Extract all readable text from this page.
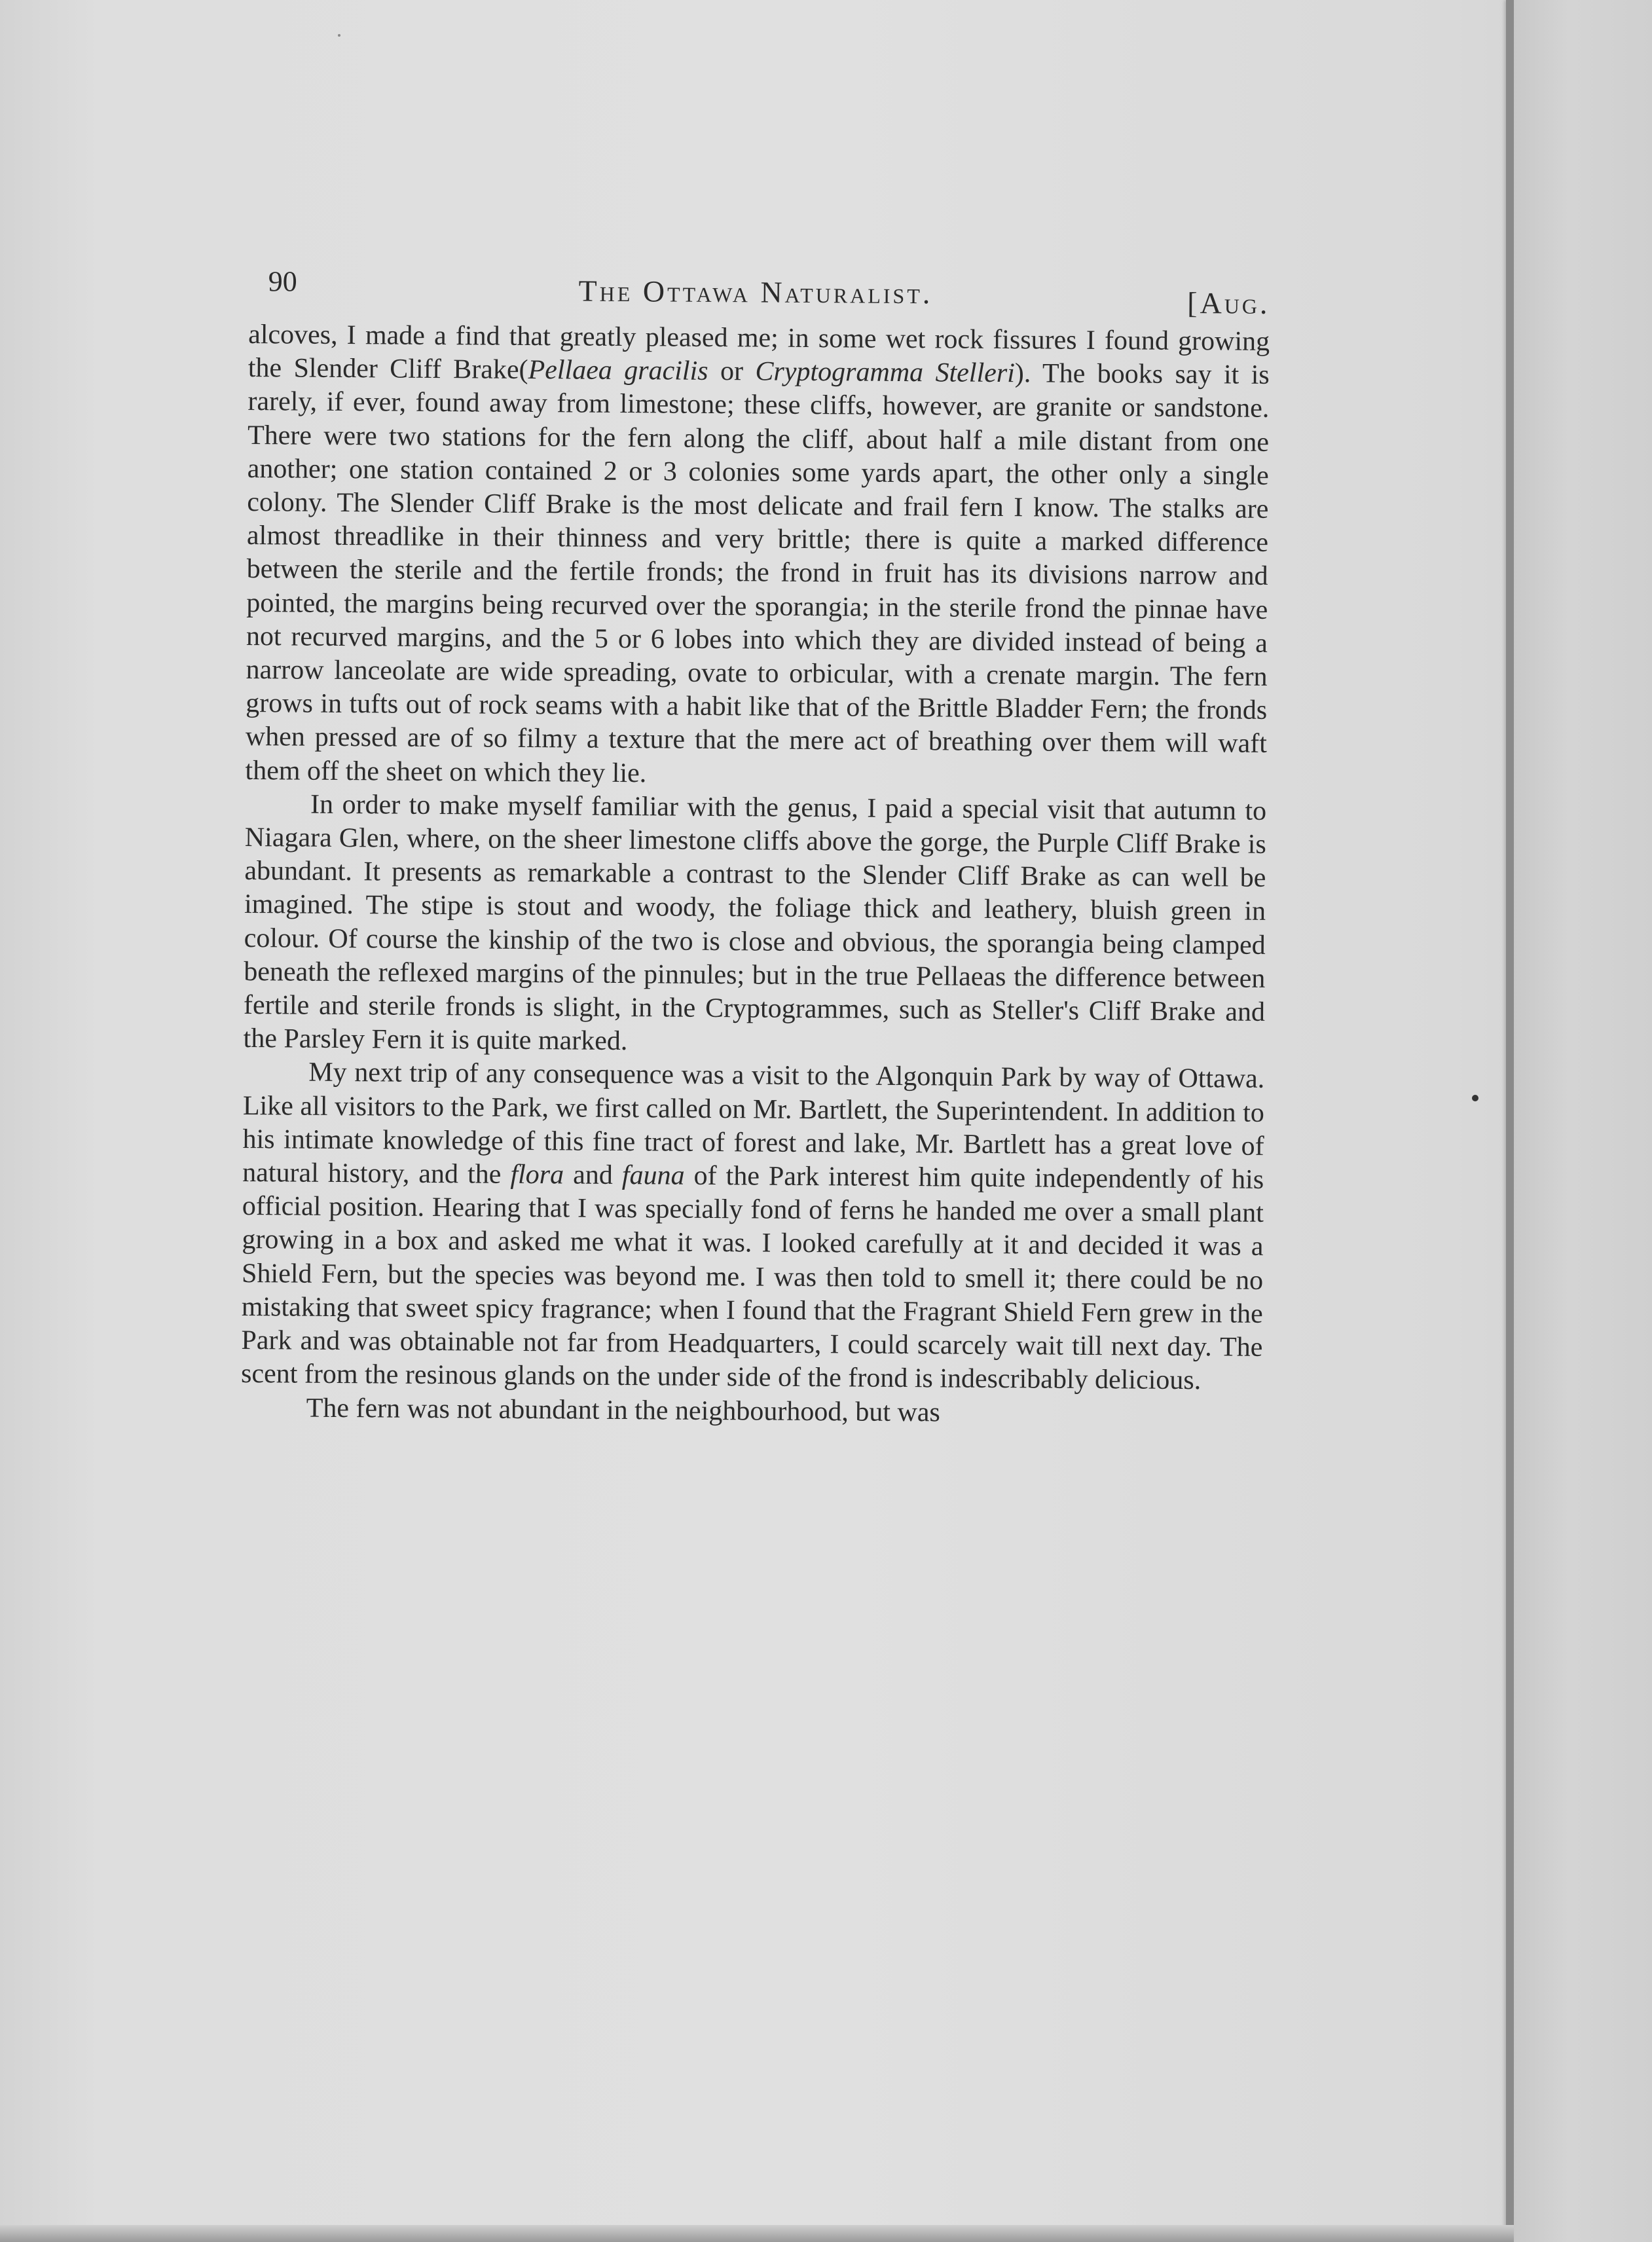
90	The Ottawa Naturalist.	[Aug.

alcoves, I made a find that greatly pleased me; in some wet rock fissures I found growing the Slender Cliff Brake(Pellaea gracilis or Cryptogramma Stelleri). The books say it is rarely, if ever, found away from limestone; these cliffs, however, are granite or sandstone. There were two stations for the fern along the cliff, about half a mile distant from one another; one station contained 2 or 3 colonies some yards apart, the other only a single colony. The Slender Cliff Brake is the most delicate and frail fern I know. The stalks are almost threadlike in their thinness and very brittle; there is quite a marked difference between the sterile and the fertile fronds; the frond in fruit has its divisions narrow and pointed, the margins being recurved over the sporangia; in the sterile frond the pinnae have not recurved margins, and the 5 or 6 lobes into which they are divided instead of being a narrow lanceolate are wide spreading, ovate to orbicular, with a crenate margin. The fern grows in tufts out of rock seams with a habit like that of the Brittle Bladder Fern; the fronds when pressed are of so filmy a texture that the mere act of breathing over them will waft them off the sheet on which they lie.

In order to make myself familiar with the genus, I paid a special visit that autumn to Niagara Glen, where, on the sheer limestone cliffs above the gorge, the Purple Cliff Brake is abundant. It presents as remarkable a contrast to the Slender Cliff Brake as can well be imagined. The stipe is stout and woody, the foliage thick and leathery, bluish green in colour. Of course the kinship of the two is close and obvious, the sporangia being clamped beneath the reflexed margins of the pinnules; but in the true Pellaeas the difference between fertile and sterile fronds is slight, in the Cryptogrammes, such as Steller's Cliff Brake and the Parsley Fern it is quite marked.

My next trip of any consequence was a visit to the Algonquin Park by way of Ottawa. Like all visitors to the Park, we first called on Mr. Bartlett, the Superintendent. In addition to his intimate knowledge of this fine tract of forest and lake, Mr. Bartlett has a great love of natural history, and the flora and fauna of the Park interest him quite independently of his official position. Hearing that I was specially fond of ferns he handed me over a small plant growing in a box and asked me what it was. I looked carefully at it and decided it was a Shield Fern, but the species was beyond me. I was then told to smell it; there could be no mistaking that sweet spicy fragrance; when I found that the Fragrant Shield Fern grew in the Park and was obtainable not far from Headquarters, I could scarcely wait till next day. The scent from the resinous glands on the under side of the frond is indescribably delicious.

The fern was not abundant in the neighbourhood, but was
